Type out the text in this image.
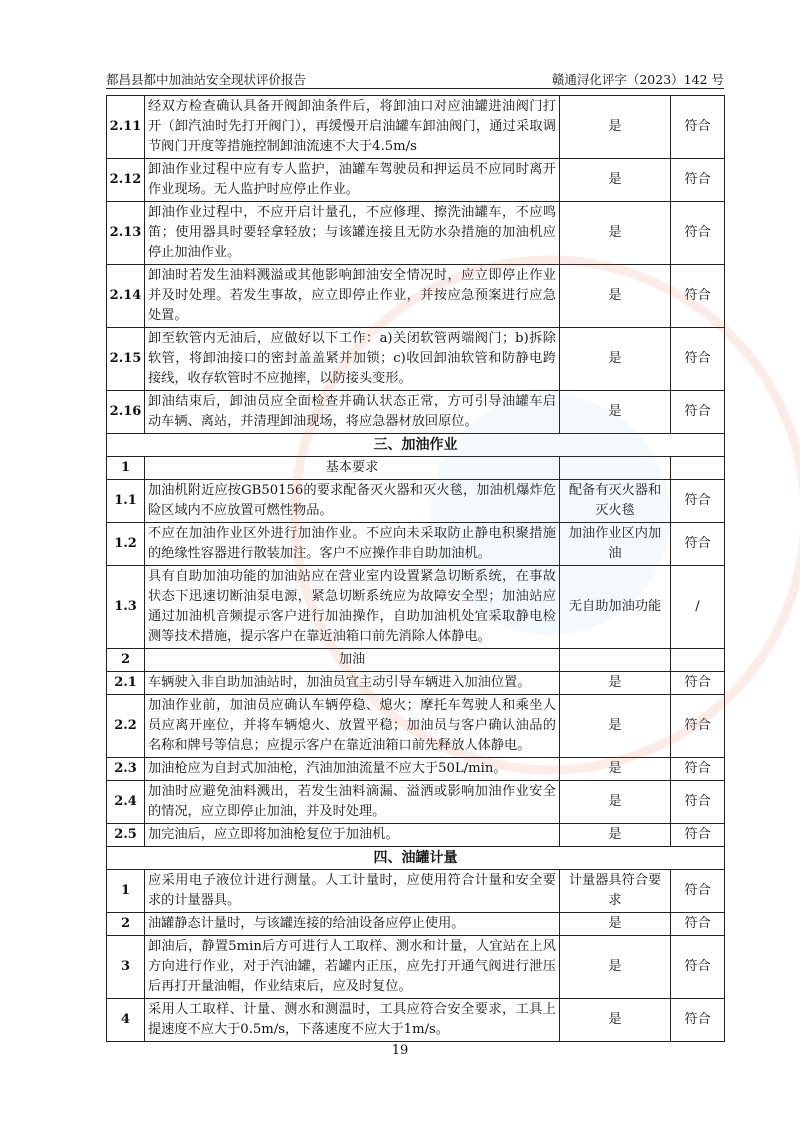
都昌县都中加油站安全现状评价报告	赣通浔化评字（2023）142 号
2.11	经双方检查确认具备开阀卸油条件后，将卸油口对应油罐进油阀门打开（卸汽油时先打开阀门），再缓慢开启油罐车卸油阀门，通过采取调节阀门开度等措施控制卸油流速不大于4.5m/s	是	符合
2.12	卸油作业过程中应有专人监护，油罐车驾驶员和押运员不应同时离开作业现场。无人监护时应停止作业。	是	符合
2.13	卸油作业过程中，不应开启计量孔，不应修理、擦洗油罐车，不应鸣笛；使用器具时要轻拿轻放；与该罐连接且无防水杂措施的加油机应停止加油作业。	是	符合
2.14	卸油时若发生油料溅溢或其他影响卸油安全情况时，应立即停止作业并及时处理。若发生事故，应立即停止作业，并按应急预案进行应急处置。	是	符合
2.15	卸至软管内无油后，应做好以下工作：a)关闭软管两端阀门；b)拆除软管，将卸油接口的密封盖盖紧并加锁；c)收回卸油软管和防静电跨接线，收存软管时不应抛摔，以防接头变形。	是	符合
2.16	卸油结束后，卸油员应全面检查并确认状态正常，方可引导油罐车启动车辆、离站，并清理卸油现场，将应急器材放回原位。	是	符合
三、加油作业			
1	基本要求		
1.1	加油机附近应按GB50156的要求配备灭火器和灭火毯，加油机爆炸危险区域内不应放置可燃性物品。	配备有灭火器和灭火毯	符合
1.2	不应在加油作业区外进行加油作业。不应向未采取防止静电积聚措施的绝缘性容器进行散装加注。客户不应操作非自助加油机。	加油作业区内加油	符合
1.3	具有自助加油功能的加油站应在营业室内设置紧急切断系统，在事故状态下迅速切断油泵电源，紧急切断系统应为故障安全型；加油站应通过加油机音频提示客户进行加油操作，自助加油机处宜采取静电检测等技术措施，提示客户在靠近油箱口前先消除人体静电。	无自助加油功能	/
2	加油		
2.1	车辆驶入非自助加油站时，加油员宜主动引导车辆进入加油位置。	是	符合
2.2	加油作业前，加油员应确认车辆停稳、熄火；摩托车驾驶人和乘坐人员应离开座位，并将车辆熄火、放置平稳；加油员与客户确认油品的名称和牌号等信息；应提示客户在靠近油箱口前先释放人体静电。	是	符合
2.3	加油枪应为自封式加油枪，汽油加油流量不应大于50L/min。	是	符合
2.4	加油时应避免油料溅出，若发生油料滴漏、溢洒或影响加油作业安全的情况，应立即停止加油，并及时处理。	是	符合
2.5	加完油后，应立即将加油枪复位于加油机。	是	符合
四、油罐计量			
1	应采用电子液位计进行测量。人工计量时，应使用符合计量和安全要求的计量器具。	计量器具符合要求	符合
2	油罐静态计量时，与该罐连接的给油设备应停止使用。	是	符合
3	卸油后，静置5min后方可进行人工取样、测水和计量，人宜站在上风方向进行作业，对于汽油罐，若罐内正压，应先打开通气阀进行泄压后再打开量油帽，作业结束后，应及时复位。	是	符合
4	采用人工取样、计量、测水和测温时，工具应符合安全要求，工具上提速度不应大于0.5m/s，下落速度不应大于1m/s。	是	符合
19
